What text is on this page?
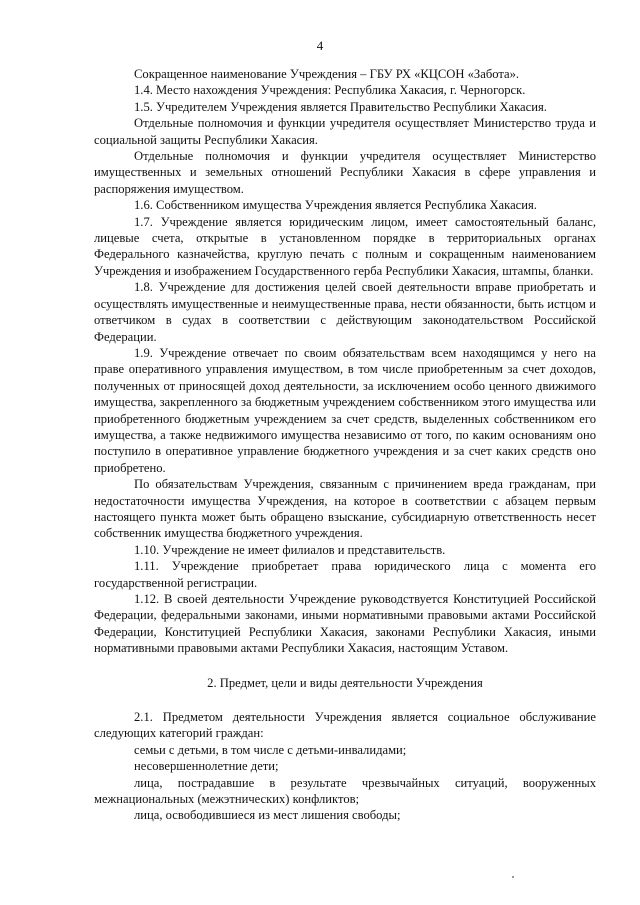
4

Сокращенное наименование Учреждения – ГБУ РХ «КЦСОН «Забота».

1.4. Место нахождения Учреждения: Республика Хакасия, г. Черногорск.

1.5. Учредителем Учреждения является Правительство Республики Хакасия.

Отдельные полномочия и функции учредителя осуществляет Министерство труда и социальной защиты Республики Хакасия.

Отдельные полномочия и функции учредителя осуществляет Министерство имущественных и земельных отношений Республики Хакасия в сфере управления и распоряжения имуществом.

1.6. Собственником имущества Учреждения является Республика Хакасия.

1.7. Учреждение является юридическим лицом, имеет самостоятельный баланс, лицевые счета, открытые в установленном порядке в территориальных органах Федерального казначейства, круглую печать с полным и сокращенным наименованием Учреждения и изображением Государственного герба Республики Хакасия, штампы, бланки.

1.8. Учреждение для достижения целей своей деятельности вправе приобретать и осуществлять имущественные и неимущественные права, нести обязанности, быть истцом и ответчиком в судах в соответствии с действующим законодательством Российской Федерации.

1.9. Учреждение отвечает по своим обязательствам всем находящимся у него на праве оперативного управления имуществом, в том числе приобретенным за счет доходов, полученных от приносящей доход деятельности, за исключением особо ценного движимого имущества, закрепленного за бюджетным учреждением собственником этого имущества или приобретенного бюджетным учреждением за счет средств, выделенных собственником его имущества, а также недвижимого имущества независимо от того, по каким основаниям оно поступило в оперативное управление бюджетного учреждения и за счет каких средств оно приобретено.

По обязательствам Учреждения, связанным с причинением вреда гражданам, при недостаточности имущества Учреждения, на которое в соответствии с абзацем первым настоящего пункта может быть обращено взыскание, субсидиарную ответственность несет собственник имущества бюджетного учреждения.

1.10. Учреждение не имеет филиалов и представительств.

1.11. Учреждение приобретает права юридического лица с момента его государственной регистрации.

1.12. В своей деятельности Учреждение руководствуется Конституцией Российской Федерации, федеральными законами, иными нормативными правовыми актами Российской Федерации, Конституцией Республики Хакасия, законами Республики Хакасия, иными нормативными правовыми актами Республики Хакасия, настоящим Уставом.

2. Предмет, цели и виды деятельности Учреждения

2.1. Предметом деятельности Учреждения является социальное обслуживание следующих категорий граждан:

семьи с детьми, в том числе с детьми-инвалидами;

несовершеннолетние дети;

лица, пострадавшие в результате чрезвычайных ситуаций, вооруженных межнациональных (межэтнических) конфликтов;

лица, освободившиеся из мест лишения свободы;
